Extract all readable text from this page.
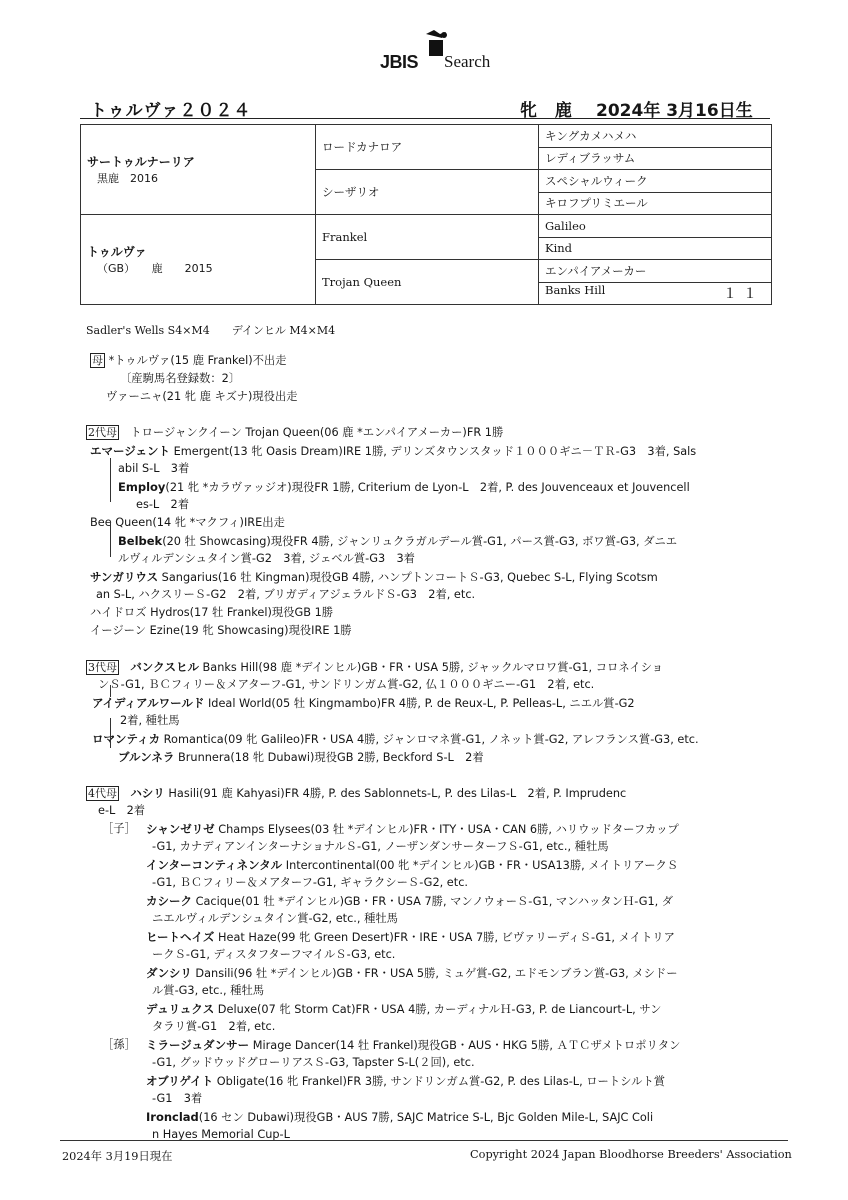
JBIS Search
トゥルヴァ２０２４	牝 鹿 2024年 3月16日生
サートゥルナーリア
黒鹿　2016	ロードカナロア	キングカメハメハ
		レディブラッサム
	シーザリオ	スペシャルウィーク
		キロフプリミエール

トゥルヴァ
（GB）　　鹿　　2015	Frankel	Galileo
		Kind
	Trojan Queen	エンパイアメーカー
		Banks Hill １１
Sadler's Wells S4×M4　　デインヒル M4×M4
母 *トゥルヴァ(15 鹿 Frankel)不出走
〔産駒馬名登録数：2〕
ヴァーニャ(21 牝 鹿 キズナ)現役出走
2代母　トロージャンクイーン Trojan Queen(06 鹿 *エンパイアメーカー)FR 1勝
エマージェント Emergent(13 牝 Oasis Dream)IRE 1勝, デリンズタウンスタッド１０００ギニ－ＴＲ-G3　3着, Sals
abil S-L　3着
Employ(21 牝 *カラヴァッジオ)現役FR 1勝, Criterium de Lyon-L　2着, P. des Jouvenceaux et Jouvencell
es-L　2着
Bee Queen(14 牝 *マクフィ)IRE出走
Belbek(20 牡 Showcasing)現役FR 4勝, ジャンリュクラガルデール賞-G1, パース賞-G3, ボワ賞-G3, ダニエ
ルヴィルデンシュタイン賞-G2　3着, ジェベル賞-G3　3着
サンガリウス Sangarius(16 牡 Kingman)現役GB 4勝, ハンプトンコートＳ-G3, Quebec S-L, Flying Scotsm
an S-L, ハクスリーＳ-G2　2着, ブリガディアジェラルドＳ-G3　2着, etc.
ハイドロズ Hydros(17 牡 Frankel)現役GB 1勝
イージーン Ezine(19 牝 Showcasing)現役IRE 1勝
3代母　 バンクスヒル Banks Hill(98 鹿 *デインヒル)GB・FR・USA 5勝, ジャックルマロワ賞-G1, コロネイショ
ンＳ-G1, ＢＣフィリー＆メアターフ-G1, サンドリンガム賞-G2, 仏１０００ギニー-G1　2着, etc.
アイディアルワールド Ideal World(05 牡 Kingmambo)FR 4勝, P. de Reux-L, P. Pelleas-L, ニエル賞-G2
2着, 種牡馬
ロマンティカ Romantica(09 牝 Galileo)FR・USA 4勝, ジャンロマネ賞-G1, ノネット賞-G2, アレフランス賞-G3, etc.
ブルンネラ Brunnera(18 牝 Dubawi)現役GB 2勝, Beckford S-L　2着
4代母　 ハシリ Hasili(91 鹿 Kahyasi)FR 4勝, P. des Sablonnets-L, P. des Lilas-L　2着, P. Imprudenc
e-L　2着
［子］ シャンゼリゼ Champs Elysees(03 牡 *デインヒル)FR・ITY・USA・CAN 6勝, ハリウッドターフカップ
-G1, カナディアンインターナショナルＳ-G1, ノーザンダンサーターフＳ-G1, etc., 種牡馬
インターコンティネンタル Intercontinental(00 牝 *デインヒル)GB・FR・USA13勝, メイトリアークＳ
-G1, ＢＣフィリー＆メアターフ-G1, ギャラクシーＳ-G2, etc.
カシーク Cacique(01 牡 *デインヒル)GB・FR・USA 7勝, マンノウォーＳ-G1, マンハッタンＨ-G1, ダ
ニエルヴィルデンシュタイン賞-G2, etc., 種牡馬
ヒートヘイズ Heat Haze(99 牝 Green Desert)FR・IRE・USA 7勝, ビヴァリーディＳ-G1, メイトリア
ークＳ-G1, ディスタフターフマイルＳ-G3, etc.
ダンシリ Dansili(96 牡 *デインヒル)GB・FR・USA 5勝, ミュゲ賞-G2, エドモンブラン賞-G3, メシドー
ル賞-G3, etc., 種牡馬
デュリュクス Deluxe(07 牝 Storm Cat)FR・USA 4勝, カーディナルＨ-G3, P. de Liancourt-L, サン
タラリ賞-G1　2着, etc.
［孫］ ミラージュダンサー Mirage Dancer(14 牡 Frankel)現役GB・AUS・HKG 5勝, ＡＴＣザメトロポリタン
-G1, グッドウッドグローリアスＳ-G3, Tapster S-L(２回), etc.
オブリゲイト Obligate(16 牝 Frankel)FR 3勝, サンドリンガム賞-G2, P. des Lilas-L, ロートシルト賞
-G1　3着
Ironclad(16 セン Dubawi)現役GB・AUS 7勝, SAJC Matrice S-L, Bjc Golden Mile-L, SAJC Coli
n Hayes Memorial Cup-L
2024年 3月19日現在	Copyright 2024 Japan Bloodhorse Breeders' Association
